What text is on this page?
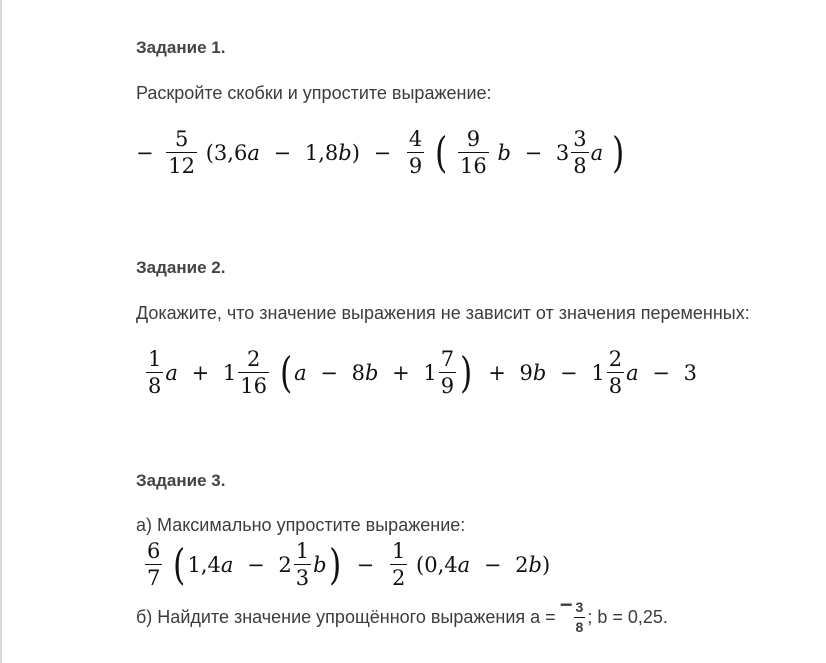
Задание 1.
Раскройте скобки и упростите выражение:
− $\frac{5}{12} (3,6a - 1,8b) - \frac{4}{9}$ ( $\frac{9}{16}$ $b - 3 \frac{3}{8}$ a )
Задание 2.
Докажите, что значение выражения не зависит от значения переменных:
$\frac{1}{8}$ $a + 1 \frac{2}{16} (a - 8b + 1 \frac{7}{9}$ ) + $9b - 1 \frac{2}{8}$ a − 3
Задание 3.
а) Максимально упростите выражение:
$\frac{6}{7} (1,4a - 2 \frac{1}{3} b) - \frac{1}{2} (0,4a - 2b)$
б) Найдите значение упрощённого выражения а = − $\frac{3}{8}$ ; b = 0,25.
